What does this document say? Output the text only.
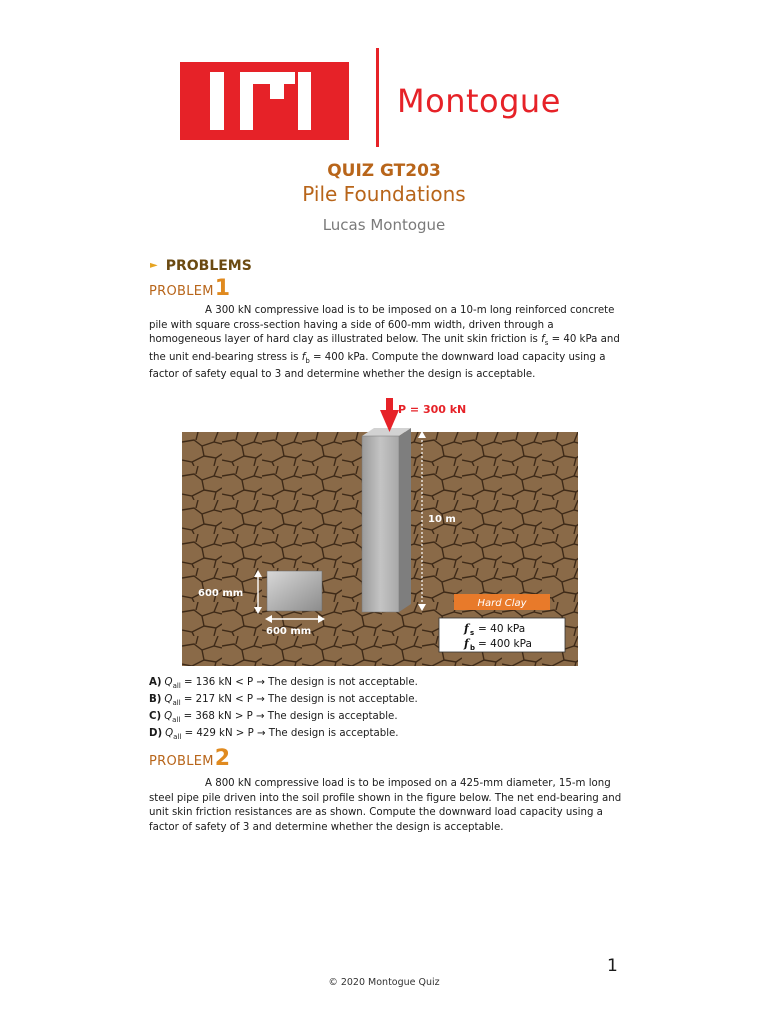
Montogue
QUIZ GT203
Pile Foundations
Lucas Montogue
► PROBLEMS
PROBLEM1
A 300 kN compressive load is to be imposed on a 10-m long reinforced concrete pile with square cross-section having a side of 600-mm width, driven through a homogeneous layer of hard clay as illustrated below. The unit skin friction is $f_s = 40$ kPa and the unit end-bearing stress is $f_b = 400$ kPa. Compute the downward load capacity using a factor of safety equal to 3 and determine whether the design is acceptable.
P = 300 kN
10 m
600 mm
600 mm
Hard Clay
f s = 40 kPa
f b = 400 kPa
A) $Q_{all} = 136$ kN < P → The design is not acceptable.
B) $Q_{all} = 217$ kN < P → The design is not acceptable.
C) $Q_{all} = 368$ kN > P → The design is acceptable.
D) $Q_{all} = 429$ kN > P → The design is acceptable.
PROBLEM2
A 800 kN compressive load is to be imposed on a 425-mm diameter, 15-m long steel pipe pile driven into the soil profile shown in the figure below. The net end-bearing and unit skin friction resistances are as shown. Compute the downward load capacity using a factor of safety of 3 and determine whether the design is acceptable.
1
© 2020 Montogue Quiz
